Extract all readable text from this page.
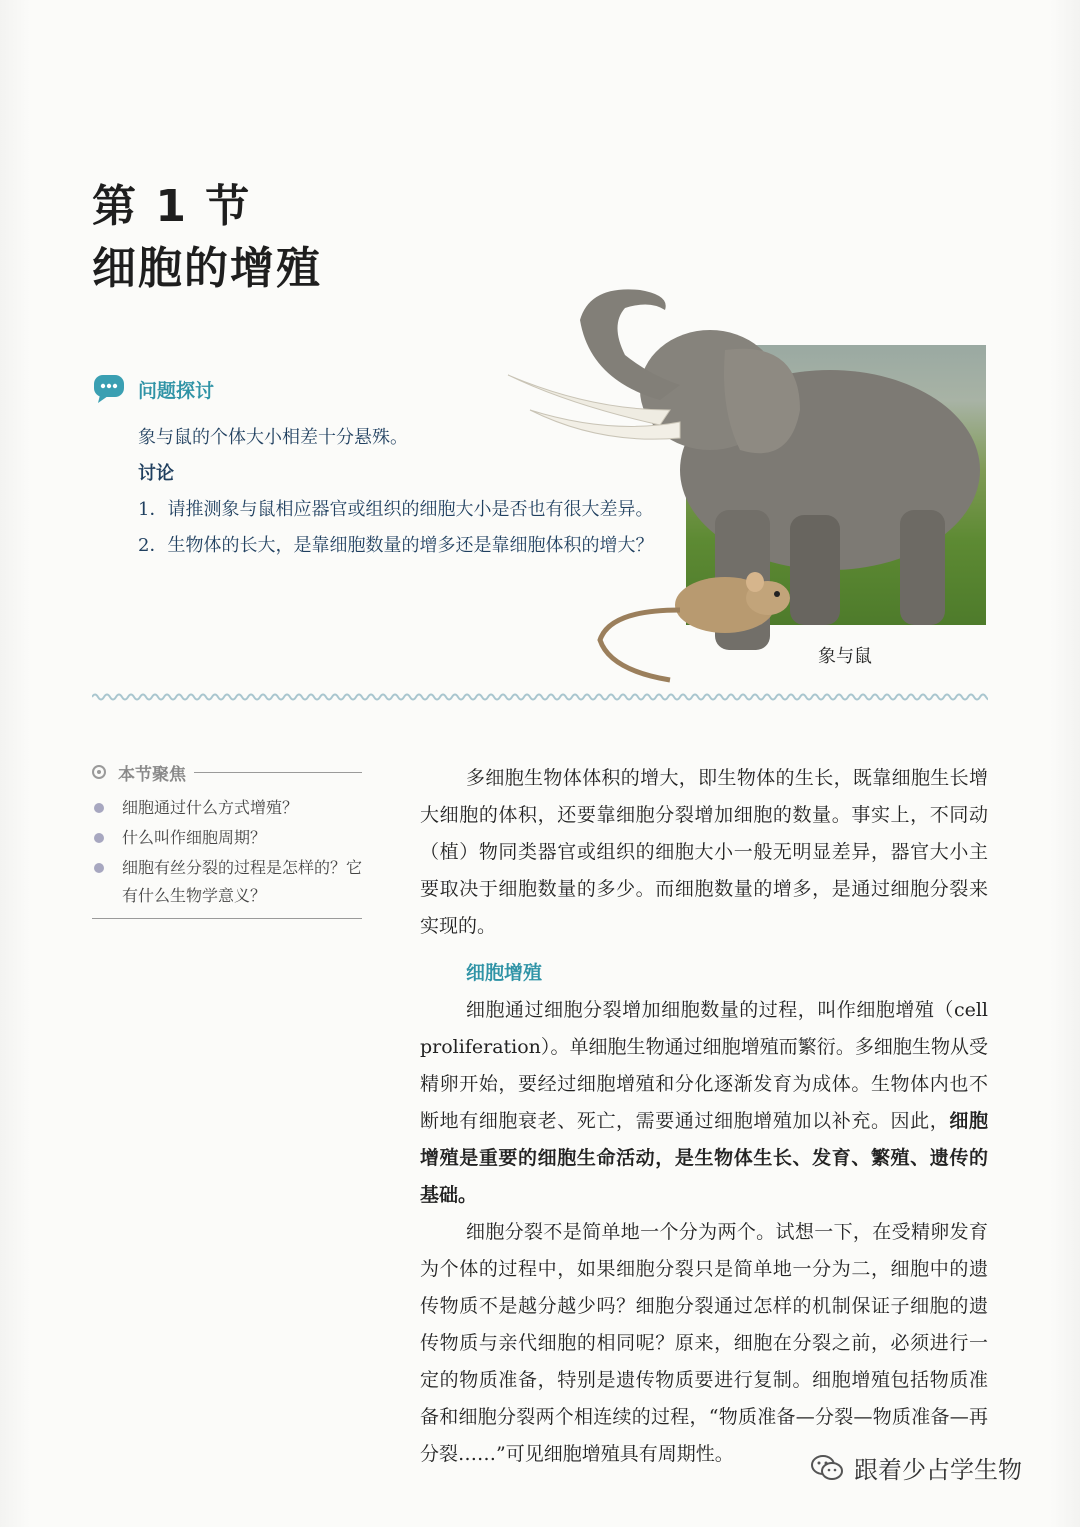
第 1 节
细胞的增殖
象与鼠
问题探讨

象与鼠的个体大小相差十分悬殊。

讨论

1．请推测象与鼠相应器官或组织的细胞大小是否也有很大差异。

2．生物体的长大，是靠细胞数量的增多还是靠细胞体积的增大？

本节聚焦
细胞通过什么方式增殖？
什么叫作细胞周期？
细胞有丝分裂的过程是怎样的？它有什么生物学意义？

多细胞生物体体积的增大，即生物体的生长，既靠细胞生长增大细胞的体积，还要靠细胞分裂增加细胞的数量。事实上，不同动（植）物同类器官或组织的细胞大小一般无明显差异，器官大小主要取决于细胞数量的多少。而细胞数量的增多，是通过细胞分裂来实现的。

细胞增殖

细胞通过细胞分裂增加细胞数量的过程，叫作细胞增殖（cell proliferation）。单细胞生物通过细胞增殖而繁衍。多细胞生物从受精卵开始，要经过细胞增殖和分化逐渐发育为成体。生物体内也不断地有细胞衰老、死亡，需要通过细胞增殖加以补充。因此，细胞增殖是重要的细胞生命活动，是生物体生长、发育、繁殖、遗传的基础。

细胞分裂不是简单地一个分为两个。试想一下，在受精卵发育为个体的过程中，如果细胞分裂只是简单地一分为二，细胞中的遗传物质不是越分越少吗？细胞分裂通过怎样的机制保证子细胞的遗传物质与亲代细胞的相同呢？原来，细胞在分裂之前，必须进行一定的物质准备，特别是遗传物质要进行复制。细胞增殖包括物质准备和细胞分裂两个相连续的过程，“物质准备—分裂—物质准备—再分裂……”可见细胞增殖具有周期性。

跟着少占学生物
